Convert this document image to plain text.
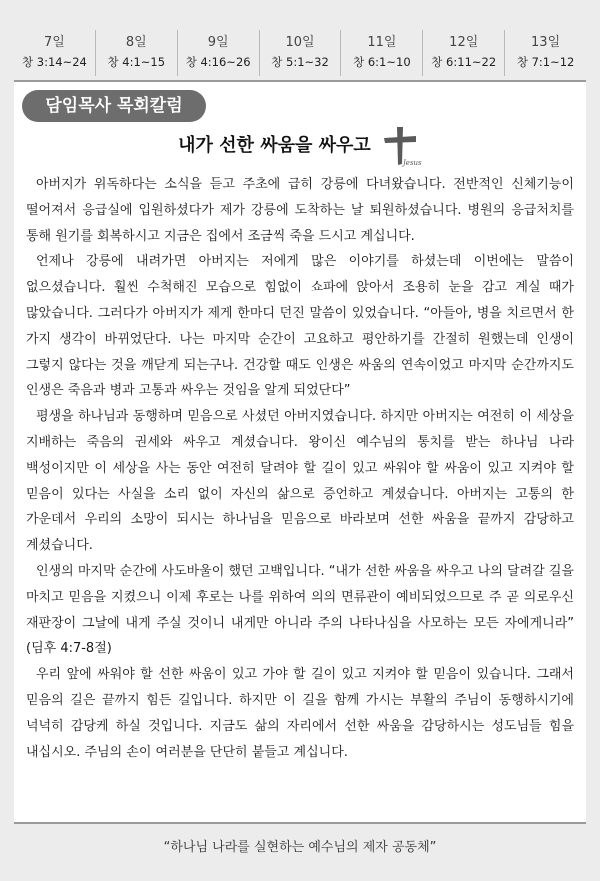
7일
창 3:14~24
8일
창 4:1~15
9일
창 4:16~26
10일
창 5:1~32
11일
창 6:1~10
12일
창 6:11~22
13일
창 7:1~12
담임목사 목회칼럼
내가 선한 싸움을 싸우고
Jesus

아버지가 위독하다는 소식을 듣고 주초에 급히 강릉에 다녀왔습니다. 전반적인 신체기능이 떨어져서 응급실에 입원하셨다가 제가 강릉에 도착하는 날 퇴원하셨습니다. 병원의 응급처치를 통해 원기를 회복하시고 지금은 집에서 조금씩 죽을 드시고 계십니다.

언제나 강릉에 내려가면 아버지는 저에게 많은 이야기를 하셨는데 이번에는 말씀이 없으셨습니다. 훨씬 수척해진 모습으로 힘없이 쇼파에 앉아서 조용히 눈을 감고 계실 때가 많았습니다. 그러다가 아버지가 제게 한마디 던진 말씀이 있었습니다. “아들아, 병을 치르면서 한 가지 생각이 바뀌었단다. 나는 마지막 순간이 고요하고 평안하기를 간절히 원했는데 인생이 그렇지 않다는 것을 깨닫게 되는구나. 건강할 때도 인생은 싸움의 연속이었고 마지막 순간까지도 인생은 죽음과 병과 고통과 싸우는 것임을 알게 되었단다”

평생을 하나님과 동행하며 믿음으로 사셨던 아버지였습니다. 하지만 아버지는 여전히 이 세상을 지배하는 죽음의 권세와 싸우고 계셨습니다. 왕이신 예수님의 통치를 받는 하나님 나라 백성이지만 이 세상을 사는 동안 여전히 달려야 할 길이 있고 싸워야 할 싸움이 있고 지켜야 할 믿음이 있다는 사실을 소리 없이 자신의 삶으로 증언하고 계셨습니다. 아버지는 고통의 한 가운데서 우리의 소망이 되시는 하나님을 믿음으로 바라보며 선한 싸움을 끝까지 감당하고 계셨습니다.

인생의 마지막 순간에 사도바울이 했던 고백입니다. “내가 선한 싸움을 싸우고 나의 달려갈 길을 마치고 믿음을 지켰으니 이제 후로는 나를 위하여 의의 면류관이 예비되었으므로 주 곧 의로우신 재판장이 그날에 내게 주실 것이니 내게만 아니라 주의 나타나심을 사모하는 모든 자에게니라” (딤후 4:7-8절)

우리 앞에 싸워야 할 선한 싸움이 있고 가야 할 길이 있고 지켜야 할 믿음이 있습니다. 그래서 믿음의 길은 끝까지 힘든 길입니다. 하지만 이 길을 함께 가시는 부활의 주님이 동행하시기에 넉넉히 감당케 하실 것입니다. 지금도 삶의 자리에서 선한 싸움을 감당하시는 성도님들 힘을 내십시오. 주님의 손이 여러분을 단단히 붙들고 계십니다.

“하나님 나라를 실현하는 예수님의 제자 공동체”
